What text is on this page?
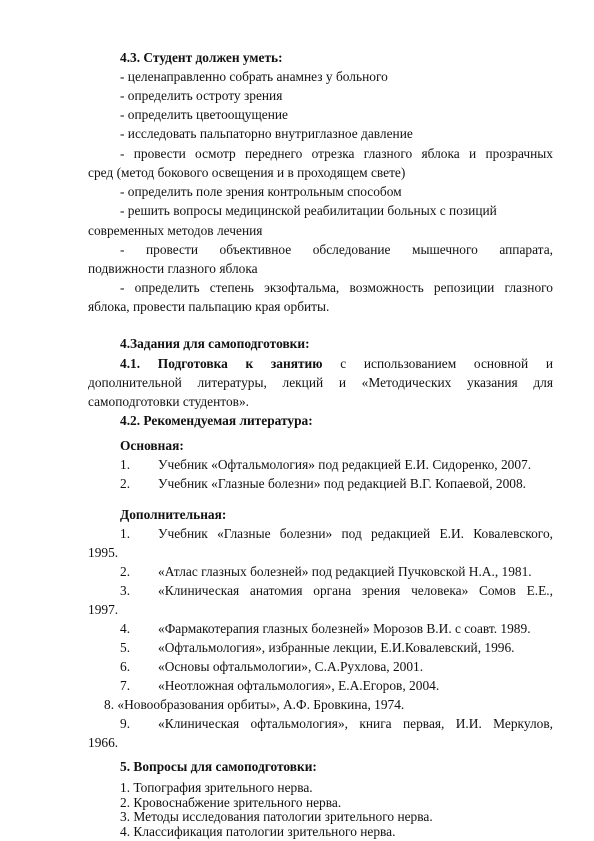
4.3. Студент должен уметь:
- целенаправленно собрать анамнез у больного
- определить остроту зрения
- определить цветоощущение
- исследовать пальпаторно внутриглазное давление
- провести осмотр переднего отрезка глазного яблока и прозрачных
сред (метод бокового освещения и в проходящем свете)
- определить поле зрения контрольным способом
- решить вопросы медицинской реабилитации больных с позиций
современных методов лечения
- провести объективное обследование мышечного аппарата,
подвижности глазного яблока
- определить степень экзофтальма, возможность репозиции глазного
яблока, провести пальпацию края орбиты.
4.Задания для самоподготовки:
4.1. Подготовка к занятию с использованием основной и
дополнительной литературы, лекций и «Методических указания для
самоподготовки студентов».
4.2. Рекомендуемая литература:
Основная:
1. Учебник «Офтальмология» под редакцией Е.И. Сидоренко, 2007.
2. Учебник «Глазные болезни» под редакцией В.Г. Копаевой, 2008.
Дополнительная:
1. Учебник «Глазные болезни» под редакцией Е.И. Ковалевского,
1995.
2. «Атлас глазных болезней» под редакцией Пучковской Н.А., 1981.
3. «Клиническая анатомия органа зрения человека» Сомов Е.Е.,
1997.
4. «Фармакотерапия глазных болезней» Морозов В.И. с соавт. 1989.
5. «Офтальмология», избранные лекции, Е.И.Ковалевский, 1996.
6. «Основы офтальмологии», С.А.Рухлова, 2001.
7. «Неотложная офтальмология», Е.А.Егоров, 2004.
8. «Новообразования орбиты», А.Ф. Бровкина, 1974.
9. «Клиническая офтальмология», книга первая, И.И. Меркулов,
1966.
5. Вопросы для самоподготовки:
1. Топография зрительного нерва.
2. Кровоснабжение зрительного нерва.
3. Методы исследования патологии зрительного нерва.
4. Классификация патологии зрительного нерва.
